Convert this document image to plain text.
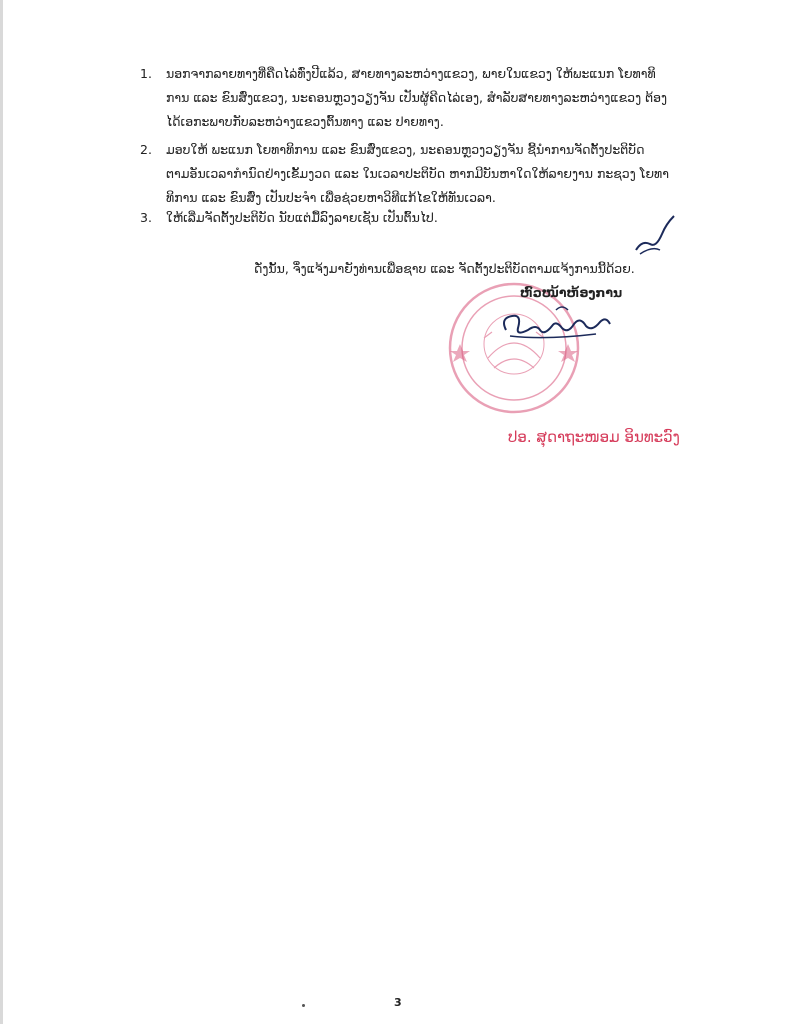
1.	ນອກຈາກລາຍທາງທີ່ຄືດໄລ່ທົ່ງປີແລ້ວ, ສາຍທາງລະຫວ່າງແຂວງ, ພາຍໃນແຂວງ ໃຫ້ພະແນກ ໂຍທາທິ
ການ ແລະ ຂົນສົ່ງແຂວງ, ນະຄອນຫຼວງວຽງຈັນ ເປັນຜູ້ຄີດໄລ່ເອງ, ສໍາລັບສາຍທາງລະຫວ່າງແຂວງ ຕ້ອງ
ໄດ້ເອກະພາບກັບລະຫວ່າງແຂວງຕົ້ນທາງ ແລະ ປາຍທາງ.
2.	ມອບໃຫ້ ພະແນກ ໂຍທາທິການ ແລະ ຂົນສົ່ງແຂວງ, ນະຄອນຫຼວງວຽງຈັນ ຊີ້ນໍາການຈັດຕັ້ງປະຕິບັດ
ຕາມອັນເວລາກໍານົດຢ່າງເຂັ້ມງວດ ແລະ ໃນເວລາປະຕິບັດ ຫາກມີບັນຫາໃດໃຫ້ລາຍງານ ກະຊວງ ໂຍທາ
ທິການ ແລະ ຂົນສົ່ງ ເປັນປະຈໍາ ເພື່ອຊ່ວຍຫາວິທີແກ້ໄຂໃຫ້ທັນເວລາ.
3.	ໃຫ້ເລີ່ມຈັດຕັ້ງປະຕິບັດ ນັບແຕ່ມື້ລົງລາຍເຊັນ ເປັນຕົ້ນໄປ.
ດັ່ງນັ້ນ, ຈຶ່ງແຈ້ງມາຍັງທ່ານເພື່ອຊາບ ແລະ ຈັດຕັ້ງປະຕິບັດຕາມແຈ້ງການນີ້ດ້ວຍ.
ຫົວໜ້າຫ້ອງການ
ປອ. ສຸດາຖະໜອມ ອິນທະວົງ
3
